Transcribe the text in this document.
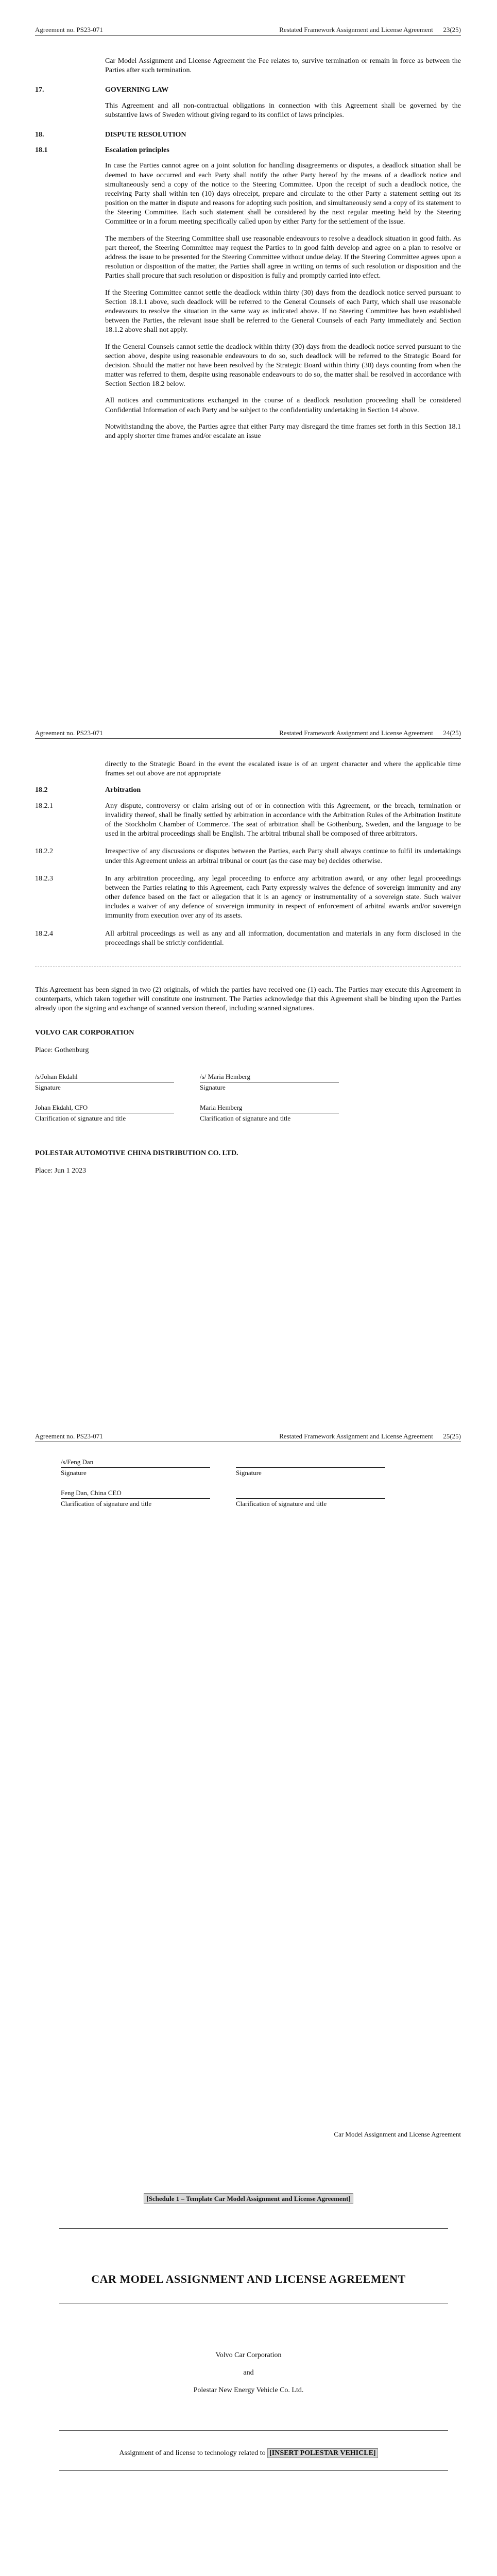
Agreement no. PS23-071	Restated Framework Assignment and License Agreement 23(25)

Car Model Assignment and License Agreement the Fee relates to, survive termination or remain in force as between the Parties after such termination.

17.	GOVERNING LAW

This Agreement and all non-contractual obligations in connection with this Agreement shall be governed by the substantive laws of Sweden without giving regard to its conflict of laws principles.

18.	DISPUTE RESOLUTION
18.1	Escalation principles

In case the Parties cannot agree on a joint solution for handling disagreements or disputes, a deadlock situation shall be deemed to have occurred and each Party shall notify the other Party hereof by the means of a deadlock notice and simultaneously send a copy of the notice to the Steering Committee. Upon the receipt of such a deadlock notice, the receiving Party shall within ten (10) days olreceipt, prepare and circulate to the other Party a statement setting out its position on the matter in dispute and reasons for adopting such position, and simultaneously send a copy of its statement to the Steering Committee. Each such statement shall be considered by the next regular meeting held by the Steering Committee or in a forum meeting specifically called upon by either Party for the settlement of the issue.

The members of the Steering Committee shall use reasonable endeavours to resolve a deadlock situation in good faith. As part thereof, the Steering Committee may request the Parties to in good faith develop and agree on a plan to resolve or address the issue to be presented for the Steering Committee without undue delay. If the Steering Committee agrees upon a resolution or disposition of the matter, the Parties shall agree in writing on terms of such resolution or disposition and the Parties shall procure that such resolution or disposition is fully and promptly carried into effect.

If the Steering Committee cannot settle the deadlock within thirty (30) days from the deadlock notice served pursuant to Section 18.1.1 above, such deadlock will be referred to the General Counsels of each Party, which shall use reasonable endeavours to resolve the situation in the same way as indicated above. If no Steering Committee has been established between the Parties, the relevant issue shall be referred to the General Counsels of each Party immediately and Section 18.1.2 above shall not apply.

If the General Counsels cannot settle the deadlock within thirty (30) days from the deadlock notice served pursuant to the section above, despite using reasonable endeavours to do so, such deadlock will be referred to the Strategic Board for decision. Should the matter not have been resolved by the Strategic Board within thirty (30) days counting from when the matter was referred to them, despite using reasonable endeavours to do so, the matter shall be resolved in accordance with Section Section 18.2 below.

All notices and communications exchanged in the course of a deadlock resolution proceeding shall be considered Confidential Information of each Party and be subject to the confidentiality undertaking in Section 14 above.

Notwithstanding the above, the Parties agree that either Party may disregard the time frames set forth in this Section 18.1 and apply shorter time frames and/or escalate an issue

Agreement no. PS23-071	Restated Framework Assignment and License Agreement 24(25)

directly to the Strategic Board in the event the escalated issue is of an urgent character and where the applicable time frames set out above are not appropriate

18.2	Arbitration
18.2.1	Any dispute, controversy or claim arising out of or in connection with this Agreement, or the breach, termination or invalidity thereof, shall be finally settled by arbitration in accordance with the Arbitration Rules of the Arbitration Institute of the Stockholm Chamber of Commerce. The seat of arbitration shall be Gothenburg, Sweden, and the language to be used in the arbitral proceedings shall be English. The arbitral tribunal shall be composed of three arbitrators.
18.2.2	Irrespective of any discussions or disputes between the Parties, each Party shall always continue to fulfil its undertakings under this Agreement unless an arbitral tribunal or court (as the case may be) decides otherwise.
18.2.3	In any arbitration proceeding, any legal proceeding to enforce any arbitration award, or any other legal proceedings between the Parties relating to this Agreement, each Party expressly waives the defence of sovereign immunity and any other defence based on the fact or allegation that it is an agency or instrumentality of a sovereign state. Such waiver includes a waiver of any defence of sovereign immunity in respect of enforcement of arbitral awards and/or sovereign immunity from execution over any of its assets.
18.2.4	All arbitral proceedings as well as any and all information, documentation and materials in any form disclosed in the proceedings shall be strictly confidential.

This Agreement has been signed in two (2) originals, of which the parties have received one (1) each. The Parties may execute this Agreement in counterparts, which taken together will constitute one instrument. The Parties acknowledge that this Agreement shall be binding upon the Parties already upon the signing and exchange of scanned version thereof, including scanned signatures.

VOLVO CAR CORPORATION
Place: Gothenburg
/s/Johan Ekdahl
Signature
Johan Ekdahl, CFO
Clarification of signature and title
/s/ Maria Hemberg
Signature
Maria Hemberg
Clarification of signature and title
POLESTAR AUTOMOTIVE CHINA DISTRIBUTION CO. LTD.
Place: Jun 1 2023
Agreement no. PS23-071	Restated Framework Assignment and License Agreement 25(25)
/s/Feng Dan
Signature
Feng Dan, China CEO
Clarification of signature and title
Signature
Clarification of signature and title
Car Model Assignment and License Agreement
[Schedule 1 – Template Car Model Assignment and License Agreement]
CAR MODEL ASSIGNMENT AND LICENSE AGREEMENT
Volvo Car Corporation
and
Polestar New Energy Vehicle Co. Ltd.
Assignment of and license to technology related to [INSERT POLESTAR VEHICLE]
